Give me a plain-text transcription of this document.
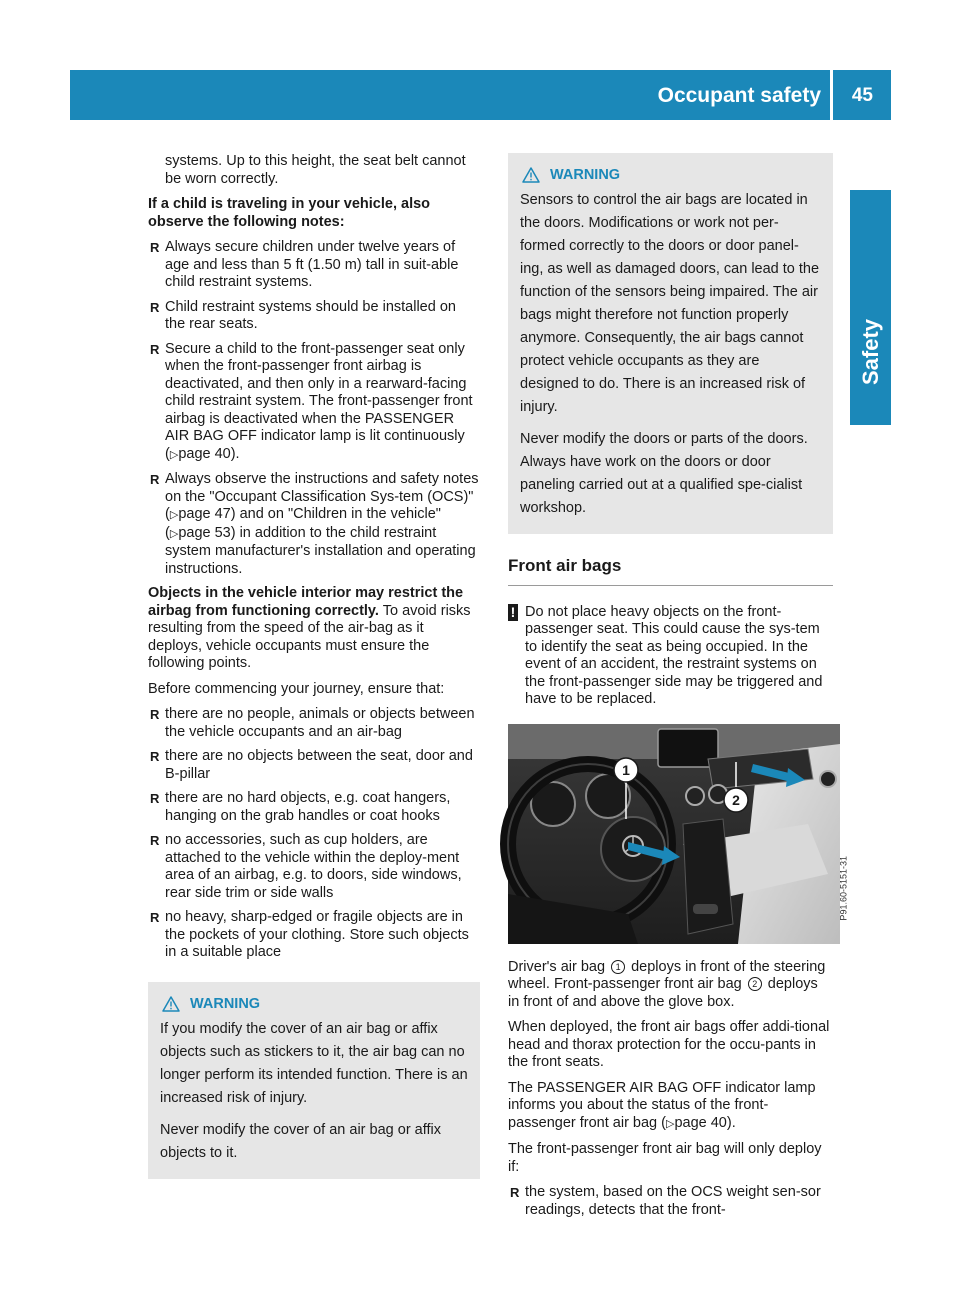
Occupant safety 45
Safety

systems. Up to this height, the seat belt cannot be worn correctly.

If a child is traveling in your vehicle, also observe the following notes:

R Always secure children under twelve years of age and less than 5 ft (1.50 m) tall in suit-able child restraint systems.
R Child restraint systems should be installed on the rear seats.
R Secure a child to the front-passenger seat only when the front-passenger front airbag is deactivated, and then only in a rearward-facing child restraint system. The front-passenger front airbag is deactivated when the PASSENGER AIR BAG OFF indicator lamp is lit continuously (▷page 40).
R Always observe the instructions and safety notes on the "Occupant Classification Sys-tem (OCS)" (▷page 47) and on "Children in the vehicle" (▷page 53) in addition to the child restraint system manufacturer's installation and operating instructions.

Objects in the vehicle interior may restrict the airbag from functioning correctly. To avoid risks resulting from the speed of the air-bag as it deploys, vehicle occupants must ensure the following points.

Before commencing your journey, ensure that:

R there are no people, animals or objects between the vehicle occupants and an air-bag
R there are no objects between the seat, door and B-pillar
R there are no hard objects, e.g. coat hangers, hanging on the grab handles or coat hooks
R no accessories, such as cup holders, are attached to the vehicle within the deploy-ment area of an airbag, e.g. to doors, side windows, rear side trim or side walls
R no heavy, sharp-edged or fragile objects are in the pockets of your clothing. Store such objects in a suitable place
WARNING

If you modify the cover of an air bag or affix objects such as stickers to it, the air bag can no longer perform its intended function. There is an increased risk of injury.

Never modify the cover of an air bag or affix objects to it.

WARNING

Sensors to control the air bags are located in the doors. Modifications or work not per-formed correctly to the doors or door panel-ing, as well as damaged doors, can lead to the function of the sensors being impaired. The air bags might therefore not function properly anymore. Consequently, the air bags cannot protect vehicle occupants as they are designed to do. There is an increased risk of injury.

Never modify the doors or parts of the doors. Always have work on the doors or door paneling carried out at a qualified spe-cialist workshop.

Front air bags
! Do not place heavy objects on the front-passenger seat. This could cause the sys-tem to identify the seat as being occupied. In the event of an accident, the restraint systems on the front-passenger side may be triggered and have to be replaced.
1
2
P91.60-5151-31

Driver's air bag 1 deploys in front of the steering wheel. Front-passenger front air bag 2 deploys in front of and above the glove box.

When deployed, the front air bags offer addi-tional head and thorax protection for the occu-pants in the front seats.

The PASSENGER AIR BAG OFF indicator lamp informs you about the status of the front-passenger front air bag (▷page 40).

The front-passenger front air bag will only deploy if:

R the system, based on the OCS weight sen-sor readings, detects that the front-
